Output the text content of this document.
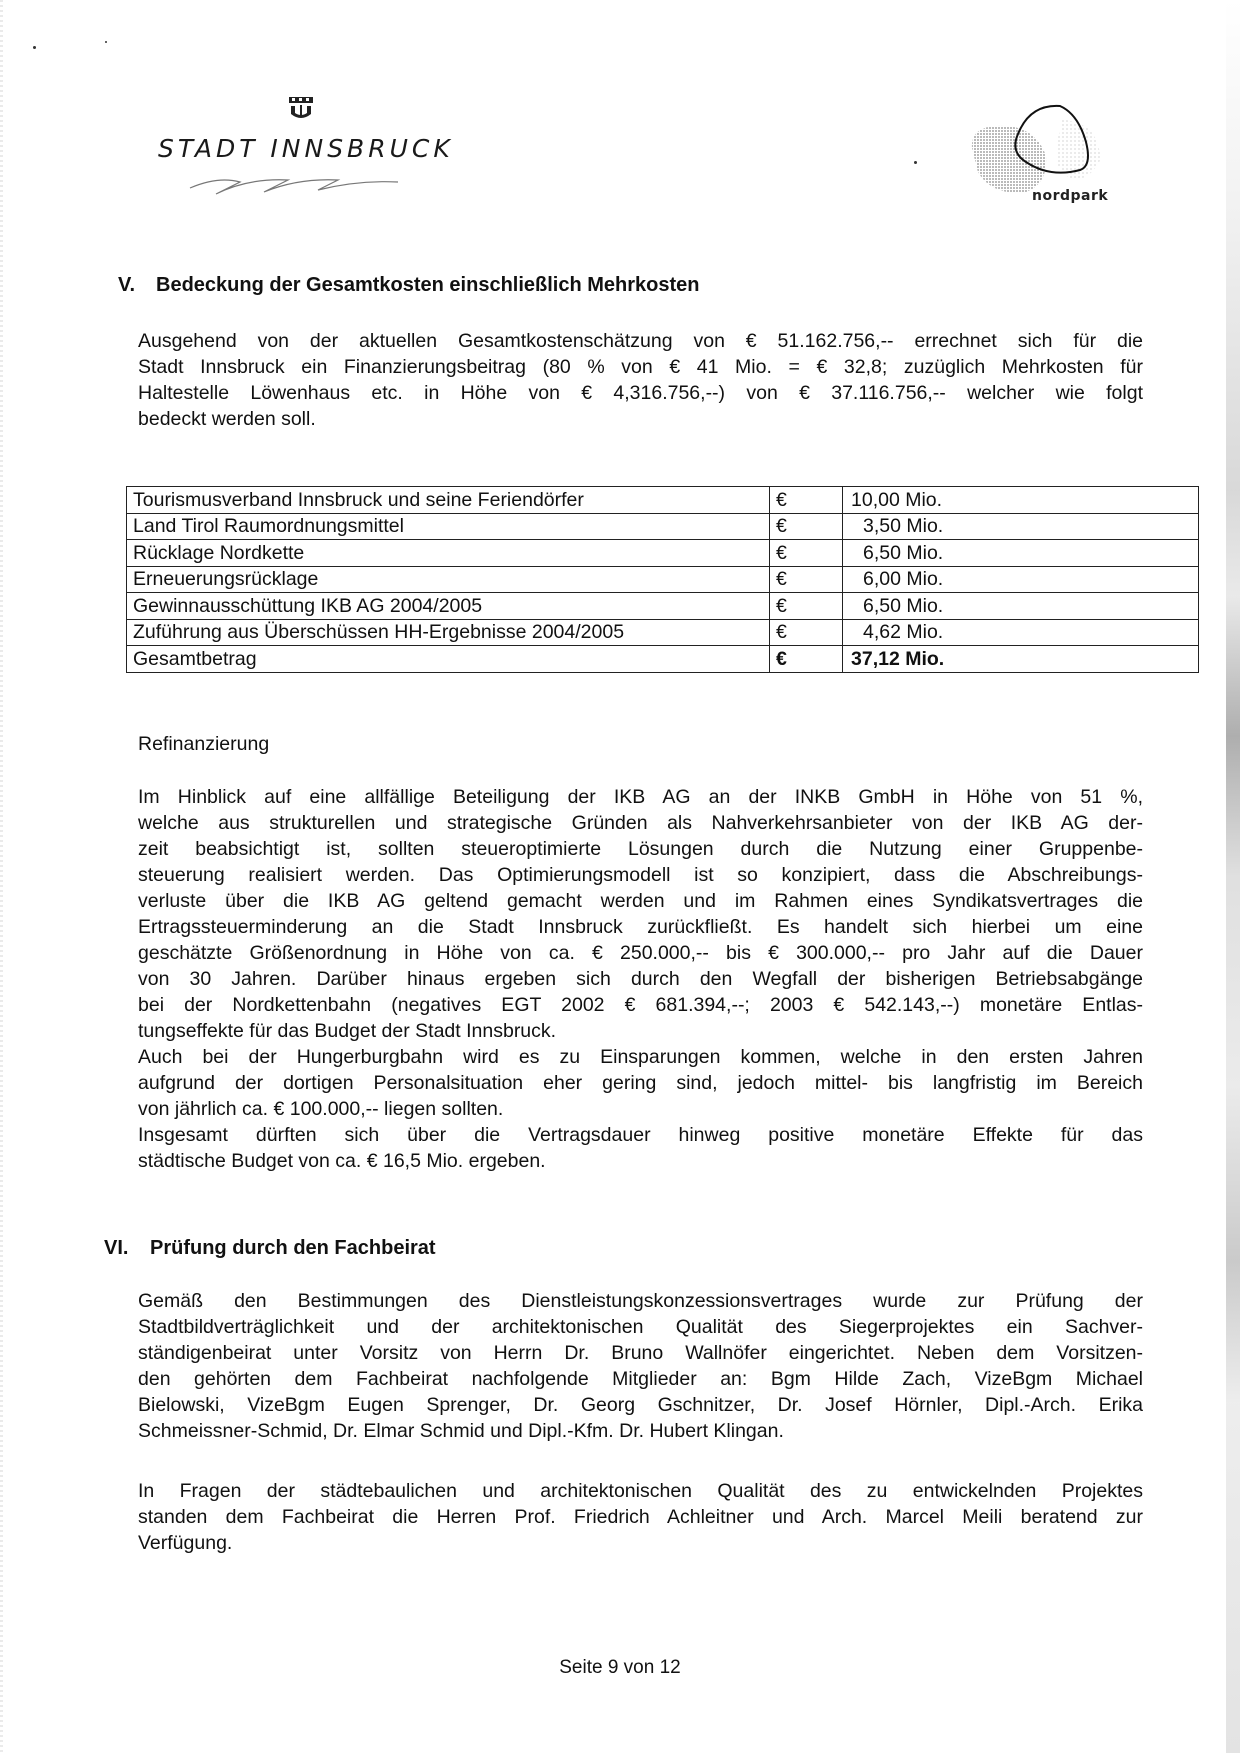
STADT INNSBRUCK
nordpark
V. Bedeckung der Gesamtkosten einschließlich Mehrkosten
Ausgehend von der aktuellen Gesamtkostenschätzung von € 51.162.756,-- errechnet sich für die
Stadt Innsbruck ein Finanzierungsbeitrag (80 % von € 41 Mio. = € 32,8; zuzüglich Mehrkosten für
Haltestelle Löwenhaus etc. in Höhe von € 4,316.756,--) von € 37.116.756,-- welcher wie folgt
bedeckt werden soll.
Tourismusverband Innsbruck und seine Feriendörfer	€	10,00 Mio.
Land Tirol Raumordnungsmittel	€	3,50 Mio.
Rücklage Nordkette	€	6,50 Mio.
Erneuerungsrücklage	€	6,00 Mio.
Gewinnausschüttung IKB AG 2004/2005	€	6,50 Mio.
Zuführung aus Überschüssen HH-Ergebnisse 2004/2005	€	4,62 Mio.
Gesamtbetrag	€	37,12 Mio.
Refinanzierung
Im Hinblick auf eine allfällige Beteiligung der IKB AG an der INKB GmbH in Höhe von 51 %,
welche aus strukturellen und strategische Gründen als Nahverkehrsanbieter von der IKB AG der-
zeit beabsichtigt ist, sollten steueroptimierte Lösungen durch die Nutzung einer Gruppenbe-
steuerung realisiert werden. Das Optimierungsmodell ist so konzipiert, dass die Abschreibungs-
verluste über die IKB AG geltend gemacht werden und im Rahmen eines Syndikatsvertrages die
Ertragssteuerminderung an die Stadt Innsbruck zurückfließt. Es handelt sich hierbei um eine
geschätzte Größenordnung in Höhe von ca. € 250.000,-- bis € 300.000,-- pro Jahr auf die Dauer
von 30 Jahren. Darüber hinaus ergeben sich durch den Wegfall der bisherigen Betriebsabgänge
bei der Nordkettenbahn (negatives EGT 2002 € 681.394,--; 2003 € 542.143,--) monetäre Entlas-
tungseffekte für das Budget der Stadt Innsbruck.
Auch bei der Hungerburgbahn wird es zu Einsparungen kommen, welche in den ersten Jahren
aufgrund der dortigen Personalsituation eher gering sind, jedoch mittel- bis langfristig im Bereich
von jährlich ca. € 100.000,-- liegen sollten.
Insgesamt dürften sich über die Vertragsdauer hinweg positive monetäre Effekte für das
städtische Budget von ca. € 16,5 Mio. ergeben.
VI. Prüfung durch den Fachbeirat
Gemäß den Bestimmungen des Dienstleistungskonzessionsvertrages wurde zur Prüfung der
Stadtbildverträglichkeit und der architektonischen Qualität des Siegerprojektes ein Sachver-
ständigenbeirat unter Vorsitz von Herrn Dr. Bruno Wallnöfer eingerichtet. Neben dem Vorsitzen-
den gehörten dem Fachbeirat nachfolgende Mitglieder an: Bgm Hilde Zach, VizeBgm Michael
Bielowski, VizeBgm Eugen Sprenger, Dr. Georg Gschnitzer, Dr. Josef Hörnler, Dipl.-Arch. Erika
Schmeissner-Schmid, Dr. Elmar Schmid und Dipl.-Kfm. Dr. Hubert Klingan.
In Fragen der städtebaulichen und architektonischen Qualität des zu entwickelnden Projektes
standen dem Fachbeirat die Herren Prof. Friedrich Achleitner und Arch. Marcel Meili beratend zur
Verfügung.
Seite 9 von 12
